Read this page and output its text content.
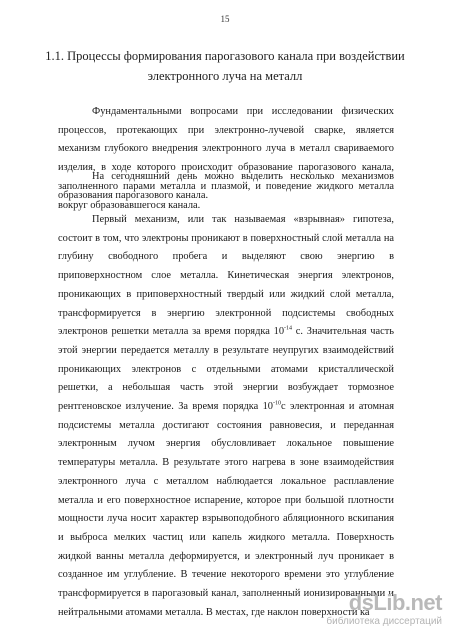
15
1.1. Процессы формирования парогазового канала при воздействии
электронного луча на металл

Фундаментальными вопросами при исследовании физических процессов, протекающих при электронно-лучевой сварке, является механизм глубокого внедрения электронного луча в металл свариваемого изделия, в ходе которого происходит образование парогазового канала, заполненного парами металла и плазмой, и поведение жидкого металла вокруг образовавшегося канала.

На сегодняшний день можно выделить несколько механизмов образования парогазового канала.

Первый механизм, или так называемая «взрывная» гипотеза, состоит в том, что электроны проникают в поверхностный слой металла на глубину свободного пробега и выделяют свою энергию в приповерхностном слое металла. Кинетическая энергия электронов, проникающих в приповерхностный твердый или жидкий слой металла, трансформируется в энергию электронной подсистемы свободных электронов решетки металла за время порядка $10^{-14}$ с. Значительная часть этой энергии передается металлу в результате неупругих взаимодействий проникающих электронов с отдельными атомами кристаллической решетки, а небольшая часть этой энергии возбуждает тормозное рентгеновское излучение. За время порядка $10^{-10}с$ электронная и атомная подсистемы металла достигают состояния равновесия, и переданная электронным лучом энергия обусловливает локальное повышение температуры металла. В результате этого нагрева в зоне взаимодействия электронного луча с металлом наблюдается локальное расплавление металла и его поверхностное испарение, которое при большой плотности мощности луча носит характер взрывоподобного абляционного вскипания и выброса мелких частиц или капель жидкого металла. Поверхность жидкой ванны металла деформируется, и электронный луч проникает в созданное им углубление. В течение некоторого времени это углубление трансформируется в парогазовый канал, заполненный ионизированными и нейтральными атомами металла. В местах, где наклон поверхности ка

dsLib.net
библиотека диссертаций
